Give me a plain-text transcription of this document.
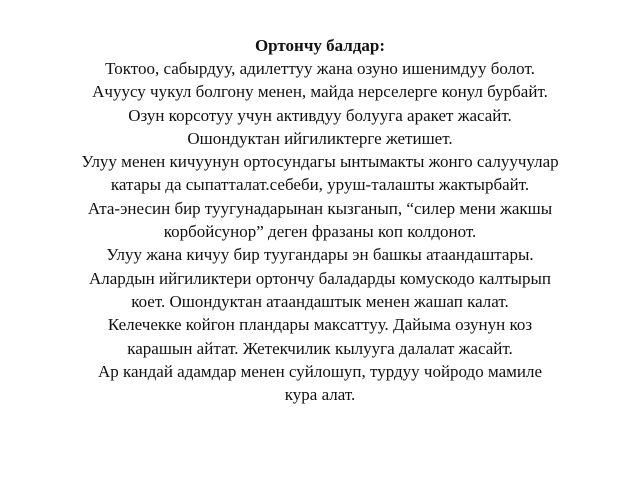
Ортончу балдар:
Токтоо, сабырдуу, адилеттуу жана озуно ишенимдуу болот.
Ачуусу чукул болгону менен, майда нерселерге конул бурбайт.
Озун корсотуу учун активдуу болууга аракет жасайт.
Ошондуктан ийгиликтерге жетишет.
Улуу менен кичуунун ортосундагы ынтымакты жонго салуучулар
катары да сыпатталат.себеби, уруш-талашты жактырбайт.
Ата-энесин бир туугунадарынан кызганып, “силер мени жакшы
корбойсунор” деген фразаны коп колдонот.
Улуу жана кичуу бир туугандары эн башкы атаандаштары.
Алардын ийгиликтери ортончу баладарды комускодо калтырып
коет. Ошондуктан атаандаштык менен жашап калат.
Келечекке койгон пландары максаттуу. Дайыма озунун коз
карашын айтат. Жетекчилик кылууга далалат жасайт.
Ар кандай адамдар менен суйлошуп, турдуу чойродо мамиле
кура алат.
